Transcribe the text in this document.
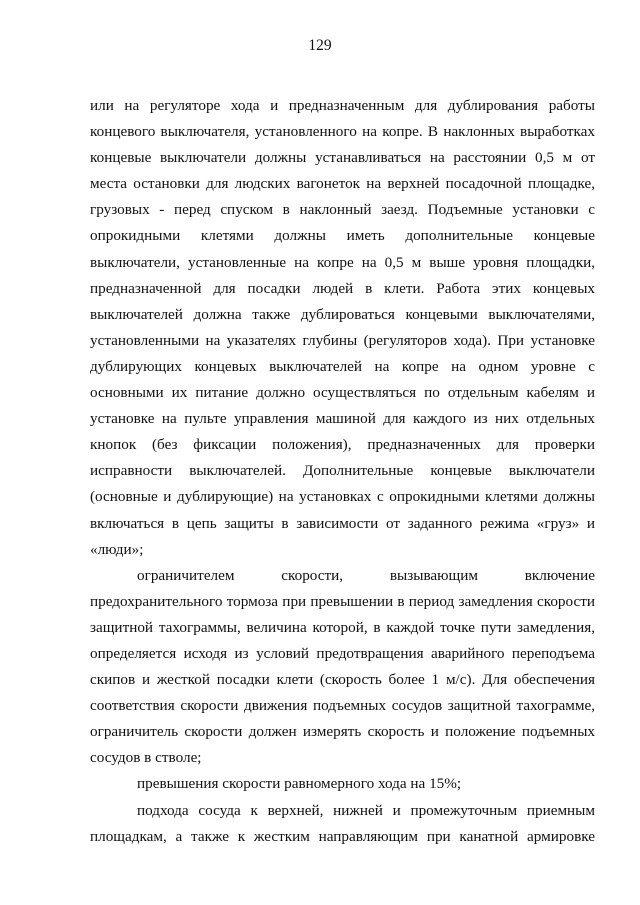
129

или на регуляторе хода и предназначенным для дублирования работы концевого выключателя, установленного на копре. В наклонных выработках концевые выключатели должны устанавливаться на расстоянии 0,5 м от места остановки для людских вагонеток на верхней посадочной площадке, грузовых - перед спуском в наклонный заезд. Подъемные установки с опрокидными клетями должны иметь дополнительные концевые выключатели, установленные на копре на 0,5 м выше уровня площадки, предназначенной для посадки людей в клети. Работа этих концевых выключателей должна также дублироваться концевыми выключателями, установленными на указателях глубины (регуляторов хода). При установке дублирующих концевых выключателей на копре на одном уровне с основными их питание должно осуществляться по отдельным кабелям и установке на пульте управления машиной для каждого из них отдельных кнопок (без фиксации положения), предназначенных для проверки исправности выключателей. Дополнительные концевые выключатели (основные и дублирующие) на установках с опрокидными клетями должны включаться в цепь защиты в зависимости от заданного режима «груз» и «люди»;

ограничителем скорости, вызывающим включение предохранительного тормоза при превышении в период замедления скорости защитной тахограммы, величина которой, в каждой точке пути замедления, определяется исходя из условий предотвращения аварийного переподъема скипов и жесткой посадки клети (скорость более 1 м/с). Для обеспечения соответствия скорости движения подъемных сосудов защитной тахограмме, ограничитель скорости должен измерять скорость и положение подъемных сосудов в стволе;

превышения скорости равномерного хода на 15%;

подхода сосуда к верхней, нижней и промежуточным приемным площадкам, а также к жестким направляющим при канатной армировке
